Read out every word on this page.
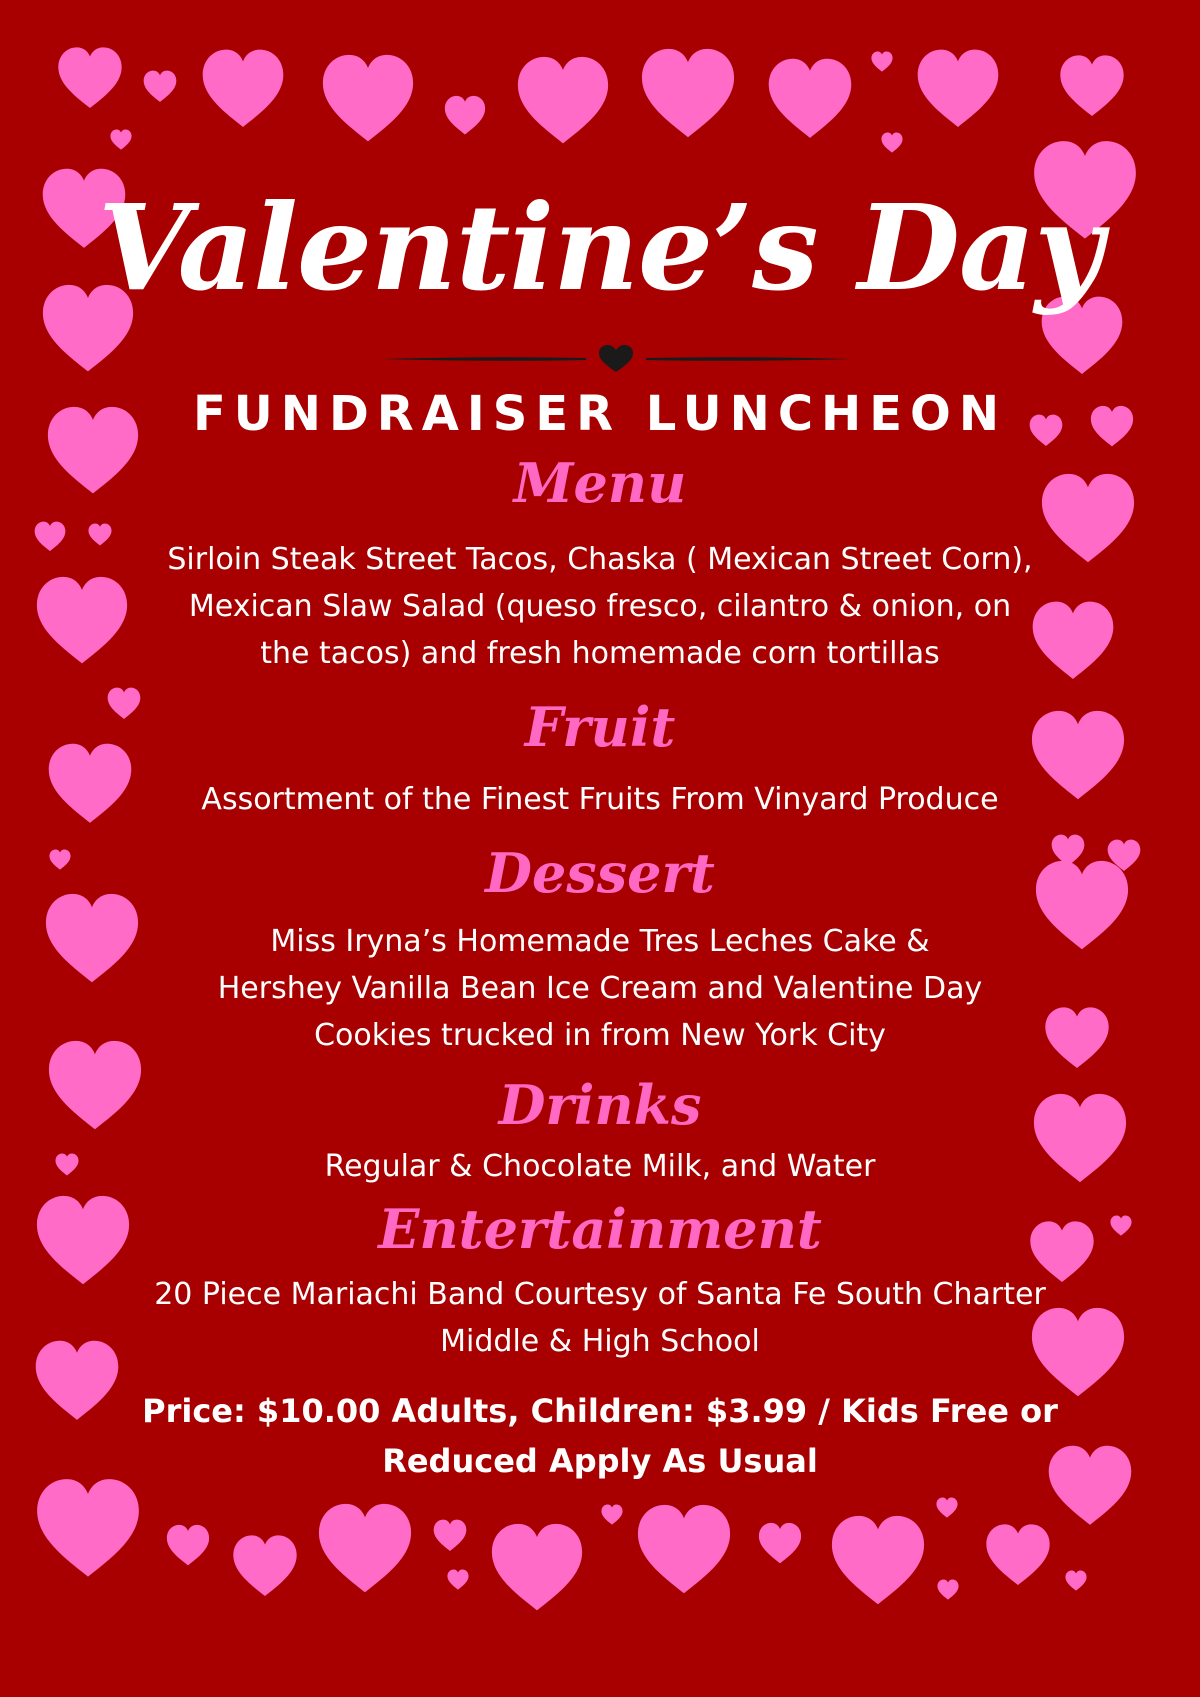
Valentine’s Day
FUNDRAISER LUNCHEON
Menu
Sirloin Steak Street Tacos, Chaska ( Mexican Street Corn),
Mexican Slaw Salad (queso fresco, cilantro & onion, on
the tacos) and fresh homemade corn tortillas
Fruit
Assortment of the Finest Fruits From Vinyard Produce
Dessert
Miss Iryna’s Homemade Tres Leches Cake &
Hershey Vanilla Bean Ice Cream and Valentine Day
Cookies trucked in from New York City
Drinks
Regular & Chocolate Milk, and Water
Entertainment
20 Piece Mariachi Band Courtesy of Santa Fe South Charter
Middle & High School
Price: $10.00 Adults, Children: $3.99 / Kids Free or
Reduced Apply As Usual
